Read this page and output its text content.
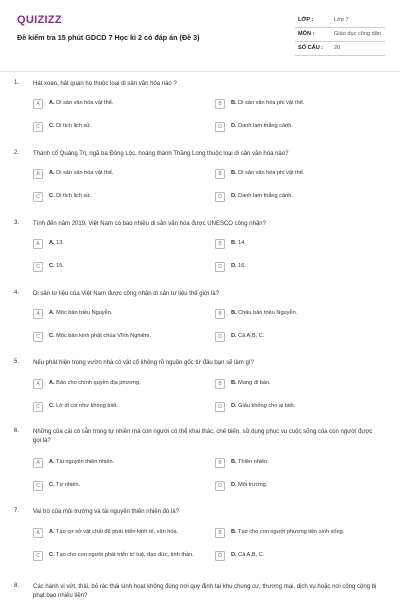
QUIZIZZ
Đề kiểm tra 15 phút GDCD 7 Học kì 2 có đáp án (Đề 3)
LỚP :	Lớp 7
MÔN :	Giáo dục công dân
SỐ CÂU : 20
1. Hát xoan, hát quan họ thuộc loại di sản văn hóa nào ?
A	A. Di sản văn hóa vật thể.	B	B. Di sản văn hóa phi vật thể.
C	C. Di tích lịch sử.	D	D. Danh lam thắng cảnh.
2. Thành cổ Quảng Trị, ngã ba Đồng Lộc, hoàng thành Thăng Long thuộc loại di sản văn hóa nào?
A	A. Di sản văn hóa vật thể.	B	B. Di sản văn hóa phi vật thể.
C	C. Di tích lịch sử.	D	D. Danh lam thắng cảnh.
3. Tính đến năm 2019, Việt Nam có bao nhiêu di sản văn hóa được UNESCO công nhận?
A	A. 13.	B	B. 14.
C	C. 15.	D	D. 16.
4. Di sản tư liệu của Việt Nam được công nhận di sản tư liệu thế giới là?
A	A. Mộc bản triều Nguyễn.	B	B. Châu bản triều Nguyễn.
C	C. Mộc bản kinh phật chùa Vĩnh Nghiêm.	D	D. Cả A,B, C.
5. Nếu phát hiện trong vườn nhà có vật cổ không rõ nguồn gốc từ đâu bạn sẽ làm gì?
A	A. Báo cho chính quyền địa phương.	B	B. Mang đi bán.
C	C. Lờ đi coi như không biết.	D	D. Giấu không cho ai biết.
6. Những của cải có sẵn trong tự nhiên mà con người có thể khai thác, chế biến, sử dụng phục vụ cuộc sống của con người được gọi là?
A	A. Tài nguyên thiên nhiên.	B	B. Thiên nhiên.
C	C. Tự nhiên.	D	D. Môi trường.
7. Vai trò của môi trường và tài nguyên thiên nhiên đó là?
A	A. Tạo cơ sở vật chất để phát triển kinh tế, văn hóa.	B	B. Tạo cho con người phương tiện sinh sống.
C	C. Tạo cho con người phát triển trí tuệ, đạo đức, tinh thần.	D	D. Cả A,B, C.
8. Các hành vi vứt, thải, bỏ rác thải sinh hoạt không đúng nơi quy định tại khu chung cư, thương mại, dịch vụ hoặc nơi công cộng bị phạt bao nhiêu tiền?
